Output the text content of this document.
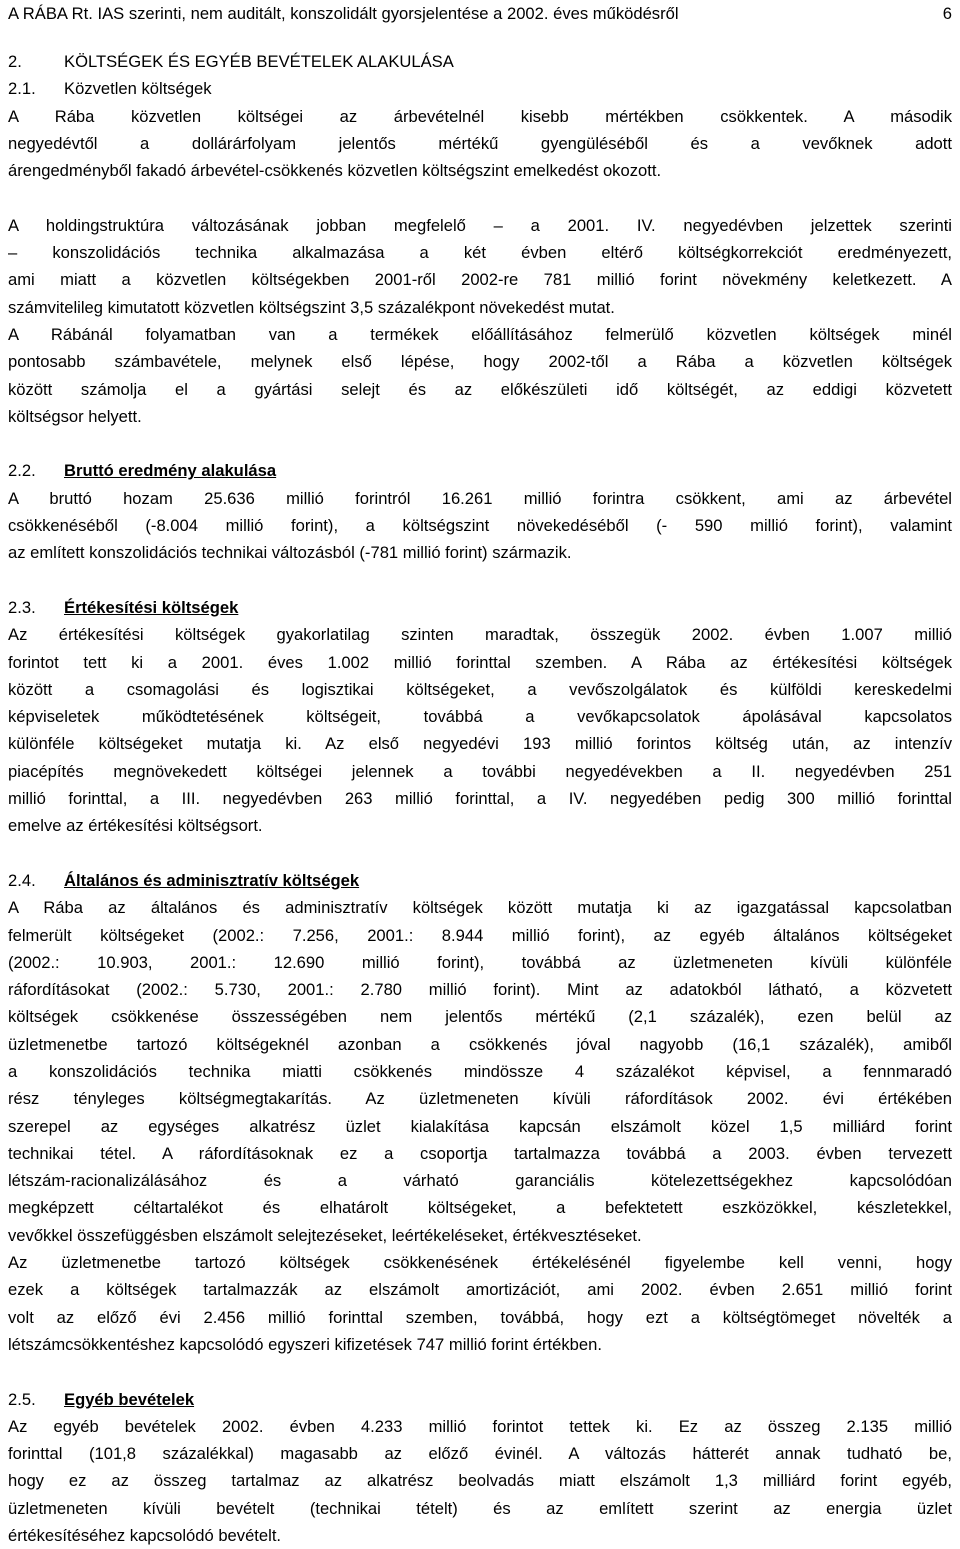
A RÁBA Rt. IAS szerinti, nem auditált, konszolidált gyorsjelentése a 2002. éves működésről	6
2.	KÖLTSÉGEK ÉS EGYÉB BEVÉTELEK ALAKULÁSA
2.1. Közvetlen költségek
A Rába közvetlen költségei az árbevételnél kisebb mértékben csökkentek. A második
negyedévtől a dollárárfolyam jelentős mértékű gyengüléséből és a vevőknek adott
árengedményből fakadó árbevétel-csökkenés közvetlen költségszint emelkedést okozott.
A holdingstruktúra változásának jobban megfelelő – a 2001. IV. negyedévben jelzettek szerinti
– konszolidációs technika alkalmazása a két évben eltérő költségkorrekciót eredményezett,
ami miatt a közvetlen költségekben 2001-ről 2002-re 781 millió forint növekmény keletkezett. A
számvitelileg kimutatott közvetlen költségszint 3,5 százalékpont növekedést mutat.
A Rábánál folyamatban van a termékek előállításához felmerülő közvetlen költségek minél
pontosabb számbavétele, melynek első lépése, hogy 2002-től a Rába a közvetlen költségek
között számolja el a gyártási selejt és az előkészületi idő költségét, az eddigi közvetett
költségsor helyett.
2.2. Bruttó eredmény alakulása
A bruttó hozam 25.636 millió forintról 16.261 millió forintra csökkent, ami az árbevétel
csökkenéséből (-8.004 millió forint), a költségszint növekedéséből (- 590 millió forint), valamint
az említett konszolidációs technikai változásból (-781 millió forint) származik.
2.3. Értékesítési költségek
Az értékesítési költségek gyakorlatilag szinten maradtak, összegük 2002. évben 1.007 millió
forintot tett ki a 2001. éves 1.002 millió forinttal szemben. A Rába az értékesítési költségek
között a csomagolási és logisztikai költségeket, a vevőszolgálatok és külföldi kereskedelmi
képviseletek működtetésének költségeit, továbbá a vevőkapcsolatok ápolásával kapcsolatos
különféle költségeket mutatja ki. Az első negyedévi 193 millió forintos költség után, az intenzív
piacépítés megnövekedett költségei jelennek a további negyedévekben a II. negyedévben 251
millió forinttal, a III. negyedévben 263 millió forinttal, a IV. negyedében pedig 300 millió forinttal
emelve az értékesítési költségsort.
2.4. Általános és adminisztratív költségek
A Rába az általános és adminisztratív költségek között mutatja ki az igazgatással kapcsolatban
felmerült költségeket (2002.: 7.256, 2001.: 8.944 millió forint), az egyéb általános költségeket
(2002.: 10.903, 2001.: 12.690 millió forint), továbbá az üzletmeneten kívüli különféle
ráfordításokat (2002.: 5.730, 2001.: 2.780 millió forint). Mint az adatokból látható, a közvetett
költségek csökkenése összességében nem jelentős mértékű (2,1 százalék), ezen belül az
üzletmenetbe tartozó költségeknél azonban a csökkenés jóval nagyobb (16,1 százalék), amiből
a konszolidációs technika miatti csökkenés mindössze 4 százalékot képvisel, a fennmaradó
rész tényleges költségmegtakarítás. Az üzletmeneten kívüli ráfordítások 2002. évi értékében
szerepel az egységes alkatrész üzlet kialakítása kapcsán elszámolt közel 1,5 milliárd forint
technikai tétel. A ráfordításoknak ez a csoportja tartalmazza továbbá a 2003. évben tervezett
létszám-racionalizálásához és a várható garanciális kötelezettségekhez kapcsolódóan
megképzett céltartalékot és elhatárolt költségeket, a befektetett eszközökkel, készletekkel,
vevőkkel összefüggésben elszámolt selejtezéseket, leértékeléseket, értékvesztéseket.
Az üzletmenetbe tartozó költségek csökkenésének értékelésénél figyelembe kell venni, hogy
ezek a költségek tartalmazzák az elszámolt amortizációt, ami 2002. évben 2.651 millió forint
volt az előző évi 2.456 millió forinttal szemben, továbbá, hogy ezt a költségtömeget növelték a
létszámcsökkentéshez kapcsolódó egyszeri kifizetések 747 millió forint értékben.
2.5. Egyéb bevételek
Az egyéb bevételek 2002. évben 4.233 millió forintot tettek ki. Ez az összeg 2.135 millió
forinttal (101,8 százalékkal) magasabb az előző évinél. A változás hátterét annak tudható be,
hogy ez az összeg tartalmaz az alkatrész beolvadás miatt elszámolt 1,3 milliárd forint egyéb,
üzletmeneten kívüli bevételt (technikai tételt) és az említett szerint az energia üzlet
értékesítéséhez kapcsolódó bevételt.
